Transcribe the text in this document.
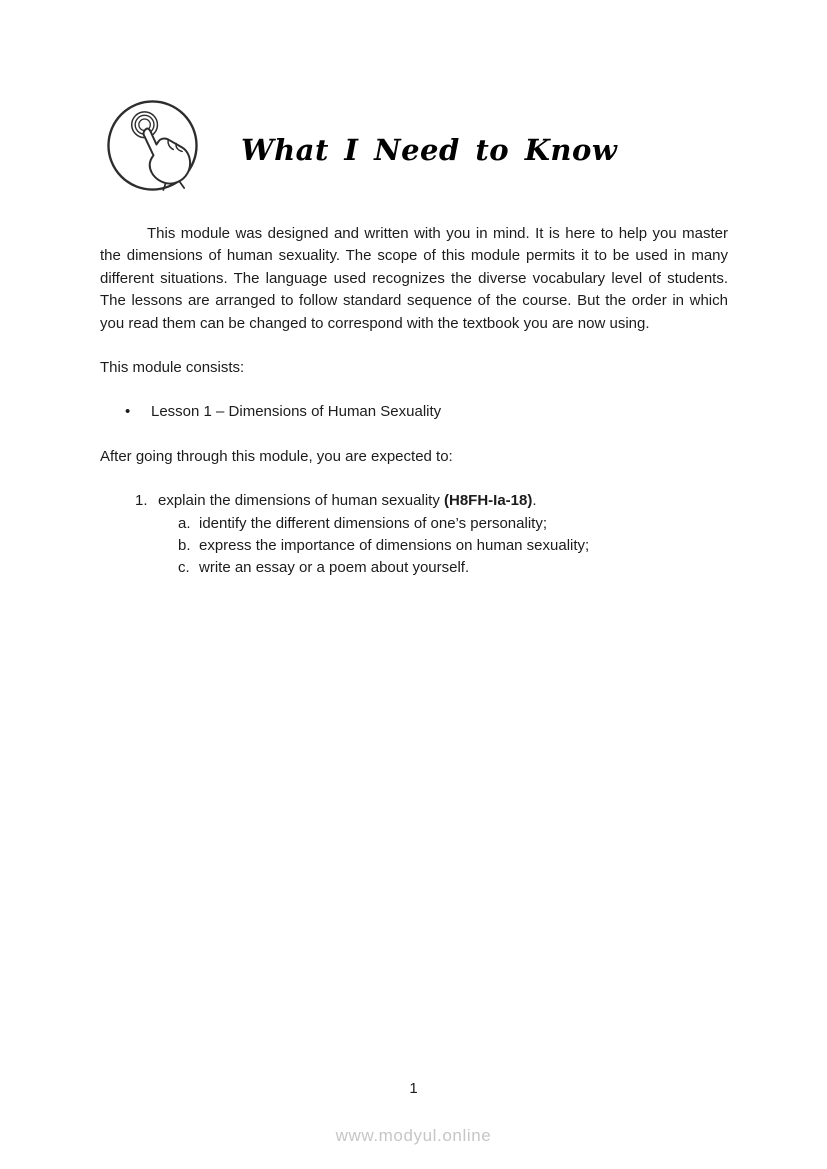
What I Need to Know

This module was designed and written with you in mind. It is here to help you master the dimensions of human sexuality. The scope of this module permits it to be used in many different situations. The language used recognizes the diverse vocabulary level of students. The lessons are arranged to follow standard sequence of the course. But the order in which you read them can be changed to correspond with the textbook you are now using.

This module consists:

•	Lesson 1 – Dimensions of Human Sexuality

After going through this module, you are expected to:

1. explain the dimensions of human sexuality (H8FH-Ia-18).
a. identify the different dimensions of one’s personality;
b. express the importance of dimensions on human sexuality;
c. write an essay or a poem about yourself.
1
www.modyul.online
